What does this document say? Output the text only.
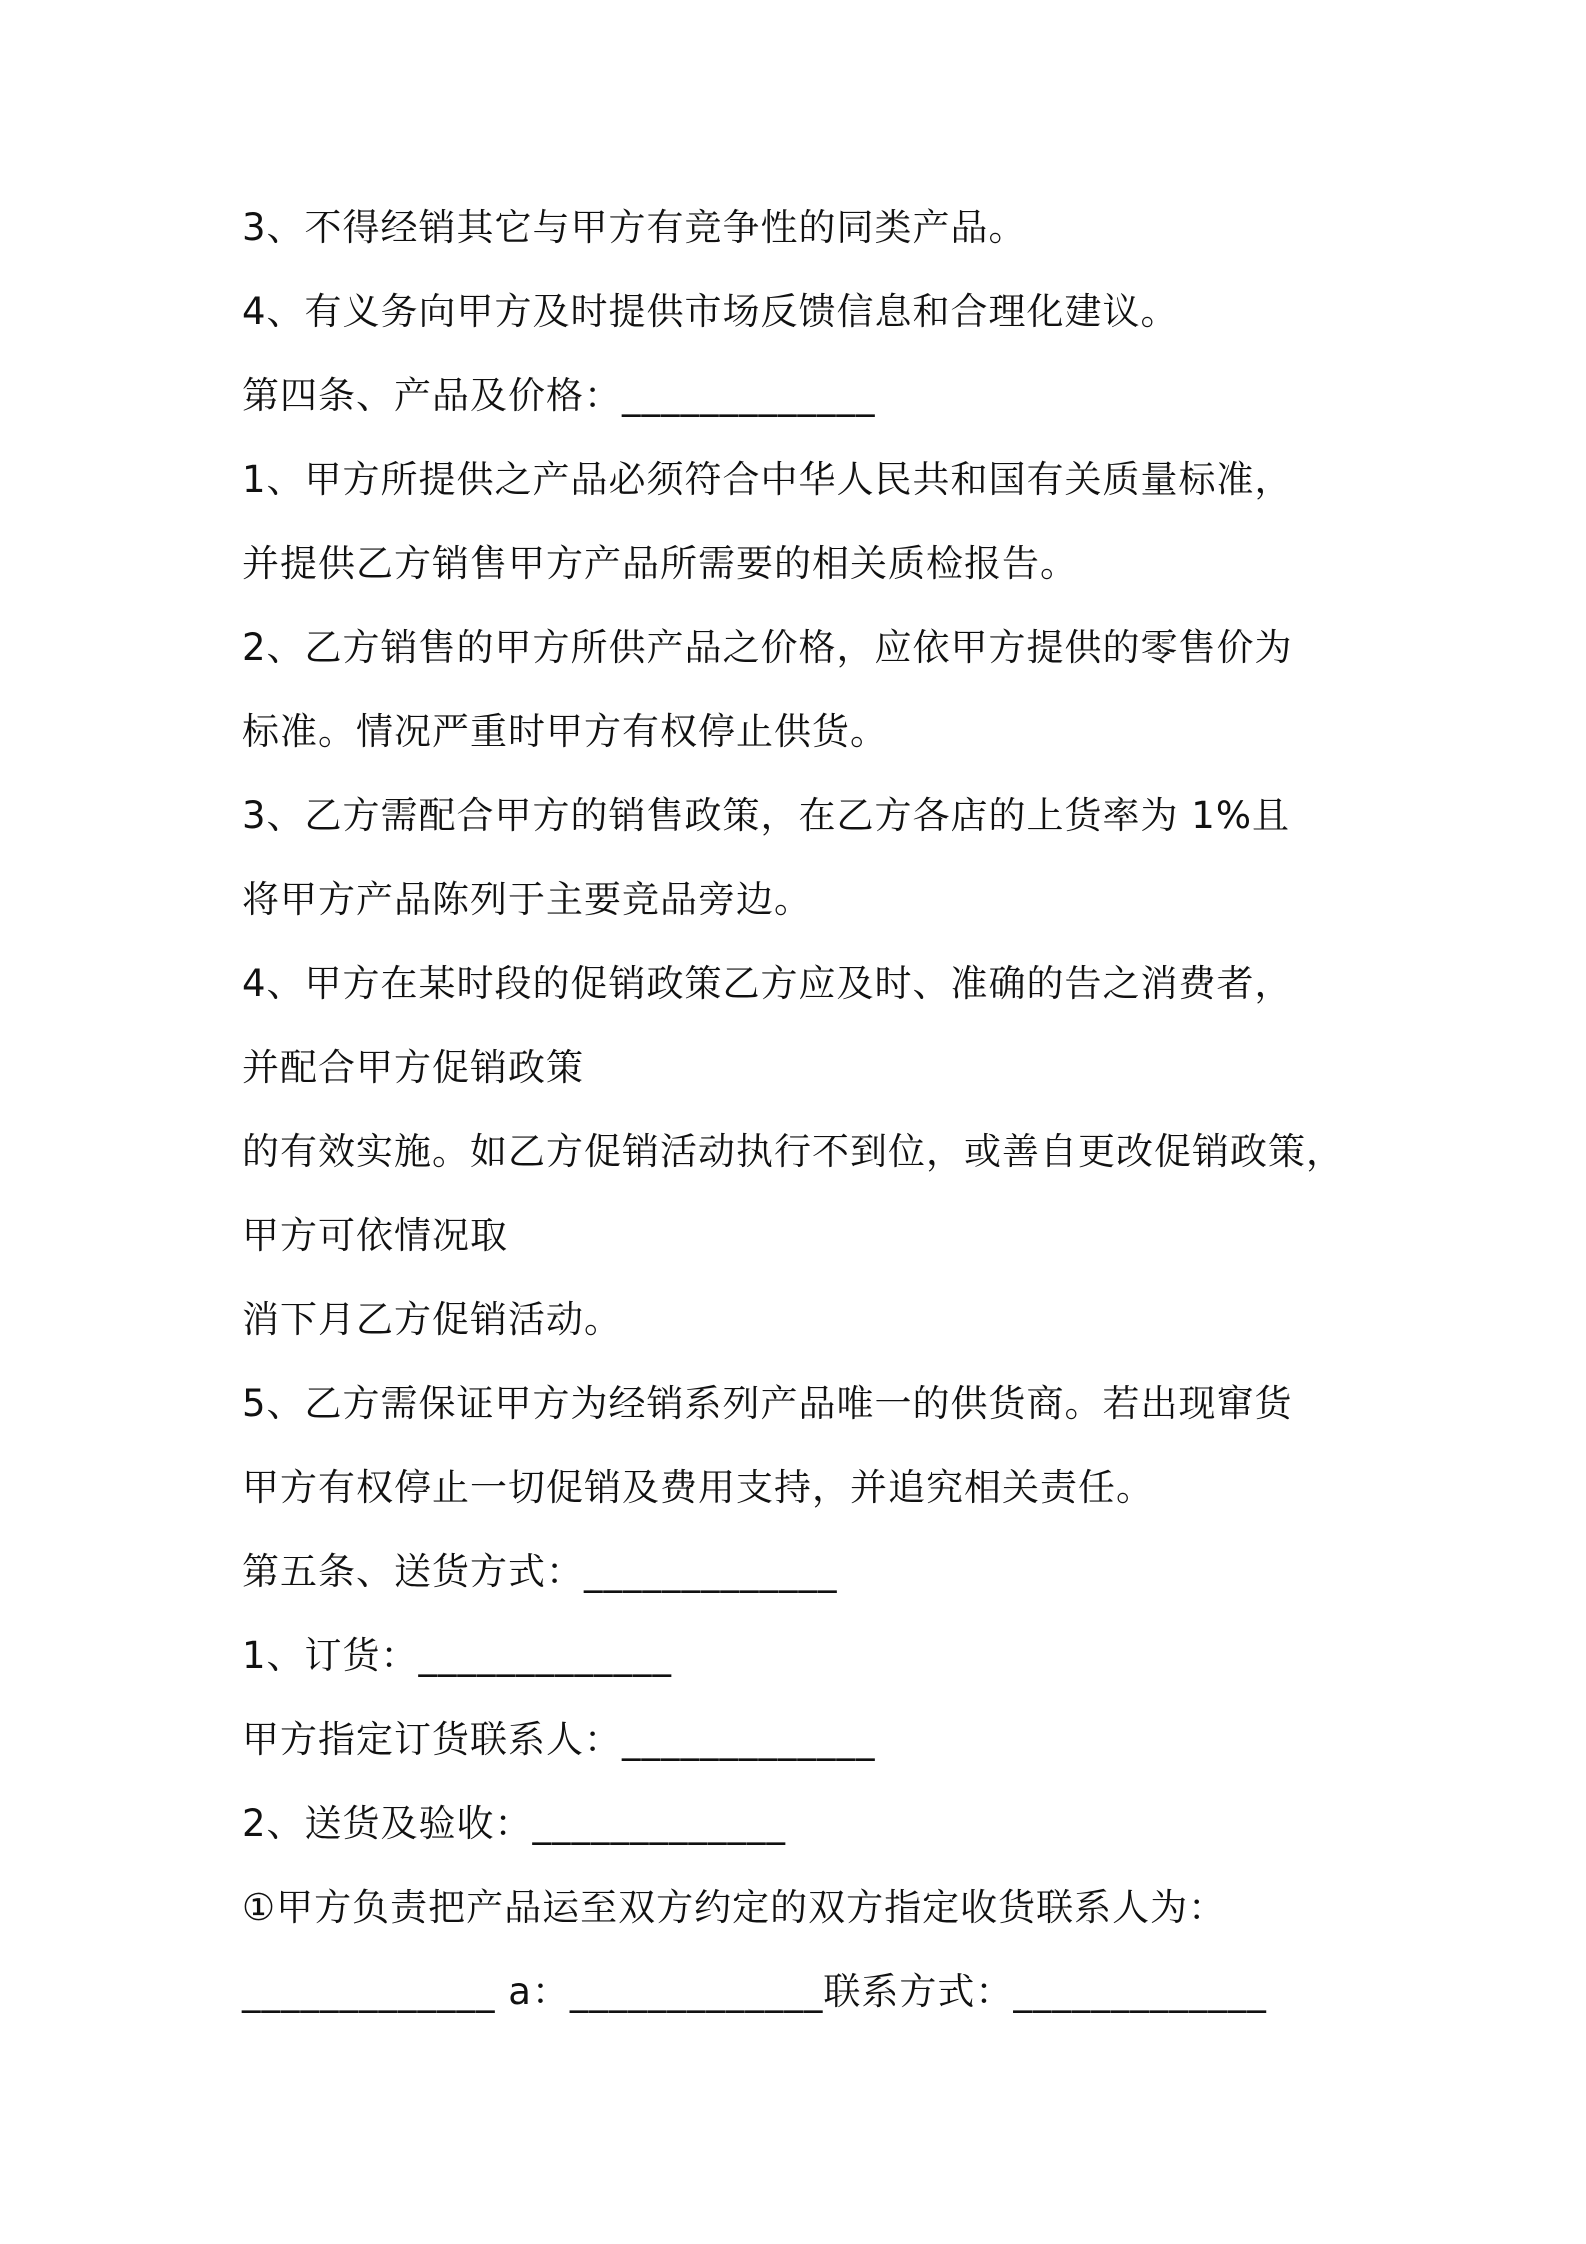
3、不得经销其它与甲方有竞争性的同类产品。
4、有义务向甲方及时提供市场反馈信息和合理化建议。
第四条、产品及价格：_____________
1、甲方所提供之产品必须符合中华人民共和国有关质量标准，
并提供乙方销售甲方产品所需要的相关质检报告。
2、乙方销售的甲方所供产品之价格，应依甲方提供的零售价为
标准。情况严重时甲方有权停止供货。
3、乙方需配合甲方的销售政策，在乙方各店的上货率为 1%且
将甲方产品陈列于主要竞品旁边。
4、甲方在某时段的促销政策乙方应及时、准确的告之消费者，
并配合甲方促销政策
的有效实施。如乙方促销活动执行不到位，或善自更改促销政策，
甲方可依情况取
消下月乙方促销活动。
5、乙方需保证甲方为经销系列产品唯一的供货商。若出现窜货
甲方有权停止一切促销及费用支持，并追究相关责任。
第五条、送货方式：_____________
1、订货：_____________
甲方指定订货联系人：_____________
2、送货及验收：_____________
①甲方负责把产品运至双方约定的双方指定收货联系人为：
_____________ a：_____________联系方式：_____________
